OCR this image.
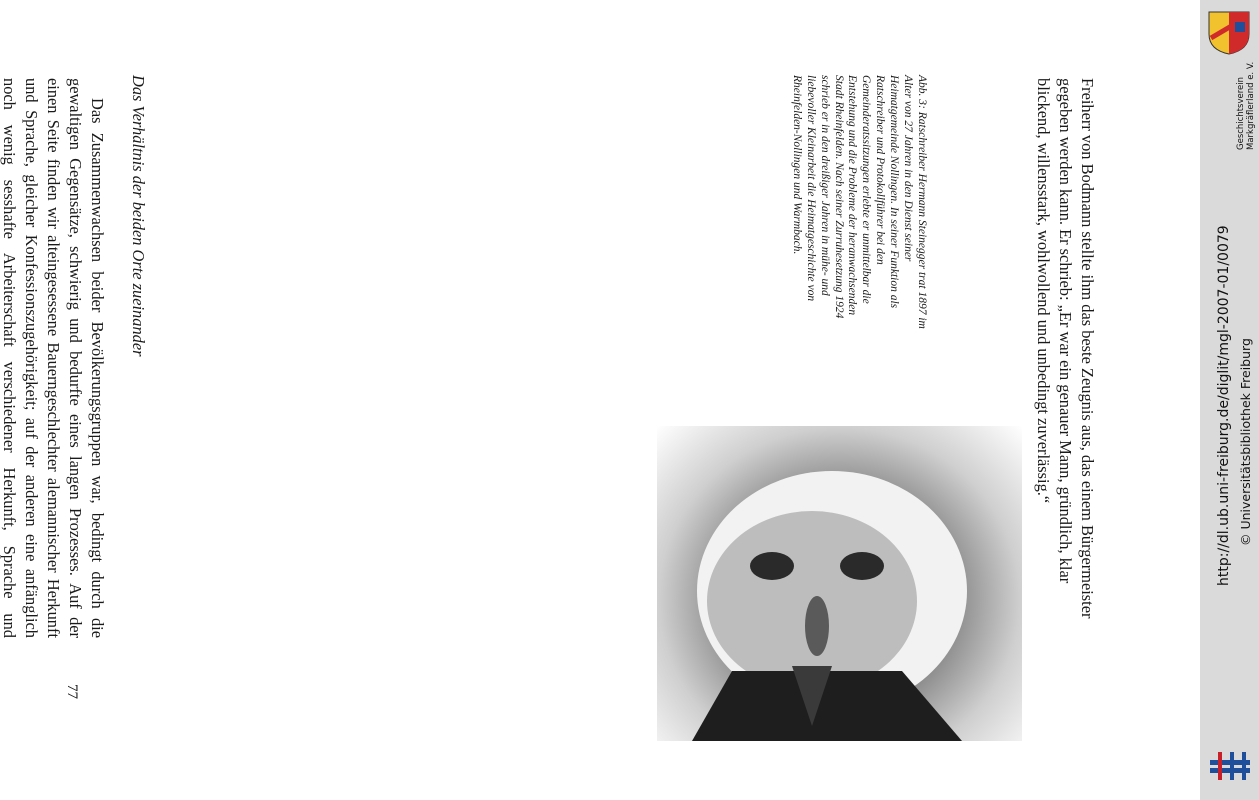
Freiherr von Bodmann stellte ihm das beste Zeugnis aus, das einem Bürgermeister gegeben werden kann. Er schrieb: „Er war ein genauer Mann, gründlich, klar blickend, willensstark, wohlwollend und unbedingt zuverlässig.“

Das Verhältnis der beiden Orte zueinander

Das Zusammenwachsen beider Bevölkerungsgruppen war, bedingt durch die gewaltigen Gegensätze, schwierig und bedurfte eines langen Prozesses. Auf der einen Seite finden wir alteingesessene Bauerngeschlechter alemannischer Herkunft und Sprache, gleicher Konfessionszugehörigkeit; auf der anderen eine anfänglich noch wenig sesshafte Arbeiterschaft verschiedener Herkunft, Sprache und

Abb. 3: Ratschreiber Hermann Steinegger trat 1897 im Alter von 27 Jahren in den Dienst seiner Heimatgemeinde Nollingen. In seiner Funktion als Ratschreiber und Protokollführer bei den Gemeinderatssitzungen erlebte er unmittelbar die Entstehung und die Probleme der heranwachsenden Stadt Rheinfelden. Nach seiner Zurruhesetzung 1924 schrieb er in den dreißiger Jahren in mühe- und liebevoller Kleinarbeit die Heimatgeschichte von Rheinfelden-Nollingen und Warmbach.

77

Geschichtsverein Markgräflerland e. V.

http://dl.ub.uni-freiburg.de/diglit/mgl-2007-01/0079 © Universitätsbibliothek Freiburg
